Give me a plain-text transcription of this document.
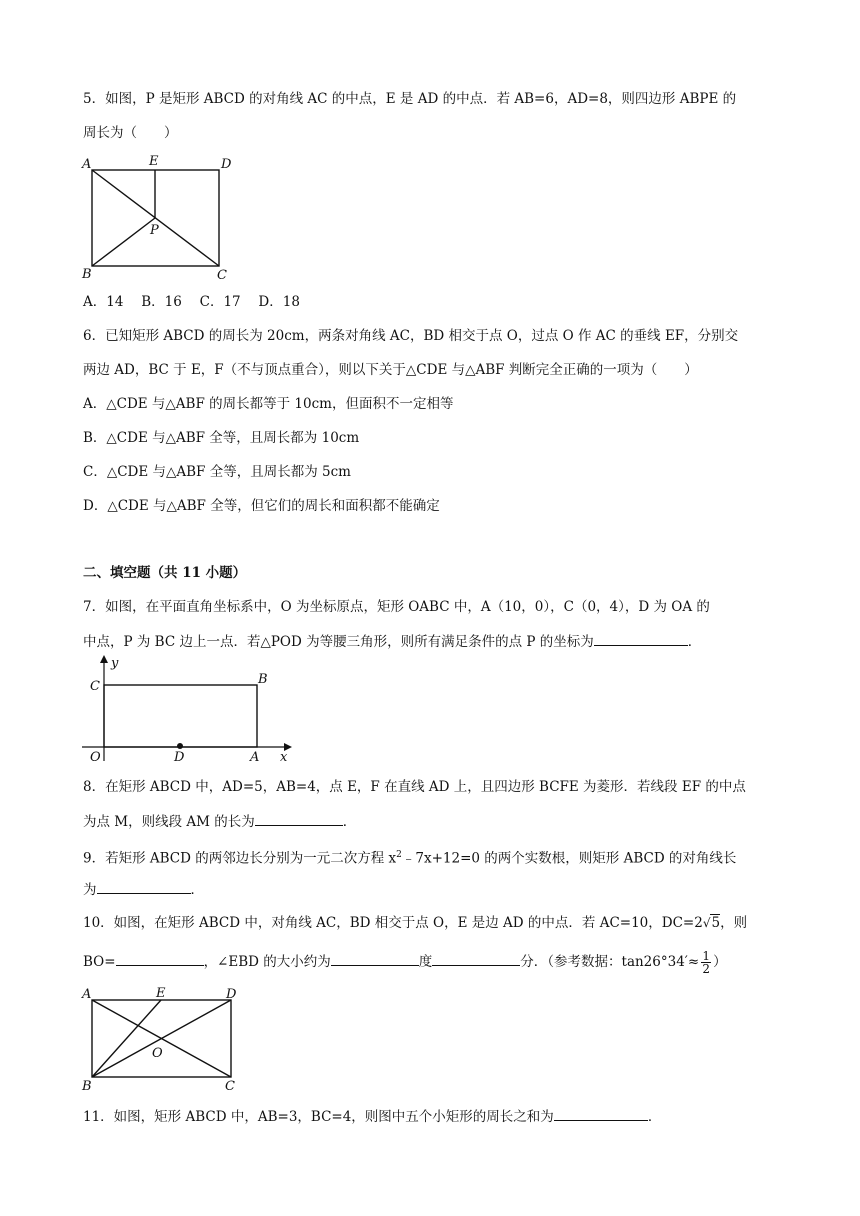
5．如图，P 是矩形 ABCD 的对角线 AC 的中点，E 是 AD 的中点．若 AB=6，AD=8，则四边形 ABPE 的
周长为（　　）
A	E	D
P
B	C
A．14　 B．16　 C．17　 D．18
6．已知矩形 ABCD 的周长为 20cm，两条对角线 AC，BD 相交于点 O，过点 O 作 AC 的垂线 EF，分别交
两边 AD，BC 于 E，F（不与顶点重合），则以下关于△CDE 与△ABF 判断完全正确的一项为（　　）
A．△CDE 与△ABF 的周长都等于 10cm，但面积不一定相等
B．△CDE 与△ABF 全等，且周长都为 10cm
C．△CDE 与△ABF 全等，且周长都为 5cm
D．△CDE 与△ABF 全等，但它们的周长和面积都不能确定
二、填空题（共 11 小题）
7．如图，在平面直角坐标系中，O 为坐标原点，矩形 OABC 中，A（10，0），C（0，4），D 为 OA 的
中点，P 为 BC 边上一点．若△POD 为等腰三角形，则所有满足条件的点 P 的坐标为	．
y
C	B
O	D	A x
8．在矩形 ABCD 中，AD=5，AB=4，点 E，F 在直线 AD 上，且四边形 BCFE 为菱形．若线段 EF 的中点
为点 M，则线段 AM 的长为	．
9．若矩形 ABCD 的两邻边长分别为一元二次方程 $x^2﹣7x+12=0$ 的两个实数根，则矩形 ABCD 的对角线长
为	．
10．如图，在矩形 ABCD 中，对角线 AC，BD 相交于点 O，E 是边 AD 的中点．若 AC=10，DC=2√5，则
BO=	，∠EBD 的大小约为	度	分．（参考数据：$\tan 26^\circ 34'\approx \frac{1}{2}$ ）
A	E	D
O
B	C
11．如图，矩形 ABCD 中，AB=3，BC=4，则图中五个小矩形的周长之和为	．
